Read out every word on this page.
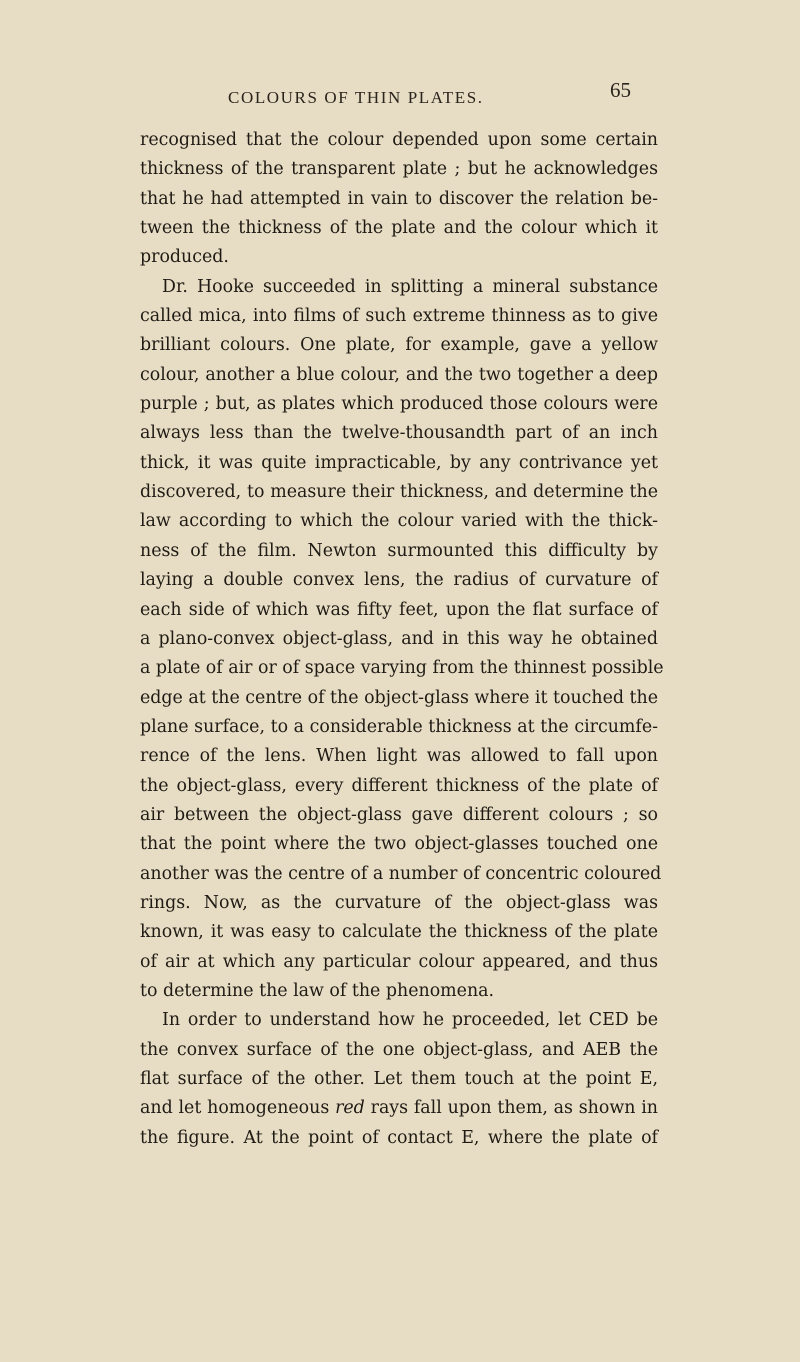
COLOURS OF THIN PLATES.	65
recognised that the colour depended upon some certain
thickness of the transparent plate ; but he acknowledges
that he had attempted in vain to discover the relation be-
tween the thickness of the plate and the colour which it
produced.
Dr. Hooke succeeded in splitting a mineral substance
called mica, into films of such extreme thinness as to give
brilliant colours. One plate, for example, gave a yellow
colour, another a blue colour, and the two together a deep
purple ; but, as plates which produced those colours were
always less than the twelve-thousandth part of an inch
thick, it was quite impracticable, by any contrivance yet
discovered, to measure their thickness, and determine the
law according to which the colour varied with the thick-
ness of the film. Newton surmounted this difficulty by
laying a double convex lens, the radius of curvature of
each side of which was fifty feet, upon the flat surface of
a plano-convex object-glass, and in this way he obtained
a plate of air or of space varying from the thinnest possible
edge at the centre of the object-glass where it touched the
plane surface, to a considerable thickness at the circumfe-
rence of the lens. When light was allowed to fall upon
the object-glass, every different thickness of the plate of
air between the object-glass gave different colours ; so
that the point where the two object-glasses touched one
another was the centre of a number of concentric coloured
rings. Now, as the curvature of the object-glass was
known, it was easy to calculate the thickness of the plate
of air at which any particular colour appeared, and thus
to determine the law of the phenomena.
In order to understand how he proceeded, let CED be
the convex surface of the one object-glass, and AEB the
flat surface of the other. Let them touch at the point E,
and let homogeneous red rays fall upon them, as shown in
the figure. At the point of contact E, where the plate of
